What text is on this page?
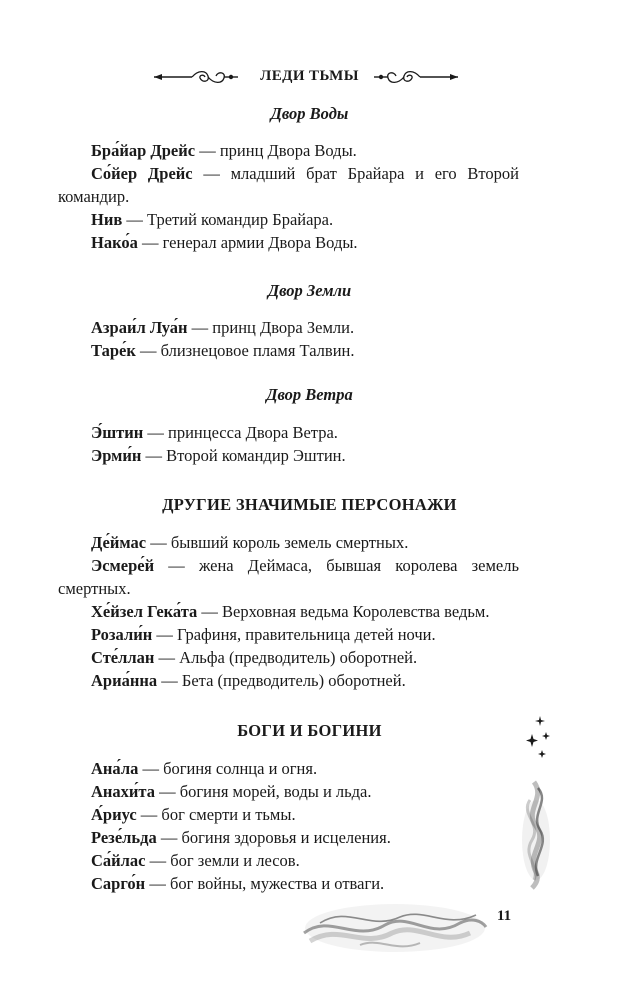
ЛЕДИ ТЬМЫ
Двор Воды
Бра́йар Дрейс — принц Двора Воды.
Со́йер Дрейс — младший брат Брайара и его Второй
командир.
Нив — Третий командир Брайара.
Нако́а — генерал армии Двора Воды.
Двор Земли
Азраи́л Луа́н — принц Двора Земли.
Таре́к — близнецовое пламя Талвин.
Двор Ветра
Э́штин — принцесса Двора Ветра.
Эрми́н — Второй командир Эштин.
ДРУГИЕ ЗНАЧИМЫЕ ПЕРСОНАЖИ
Де́ймас — бывший король земель смертных.
Эсмере́й — жена Деймаса, бывшая королева земель
смертных.
Хе́йзел Гека́та — Верховная ведьма Королевства ведьм.
Розали́н — Графиня, правительница детей ночи.
Сте́ллан — Альфа (предводитель) оборотней.
Ариа́нна — Бета (предводитель) оборотней.
БОГИ И БОГИНИ
Ана́ла — богиня солнца и огня.
Анахи́та — богиня морей, воды и льда.
А́риус — бог смерти и тьмы.
Резе́льда — богиня здоровья и исцеления.
Са́йлас — бог земли и лесов.
Сарго́н — бог войны, мужества и отваги.
11
